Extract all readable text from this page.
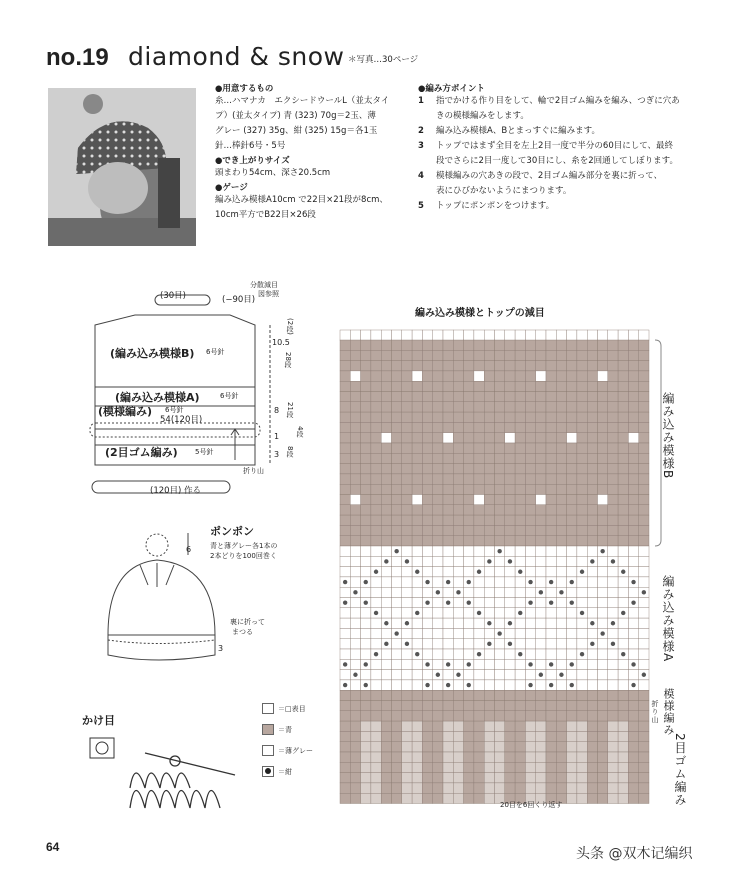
no.19 diamond & snow ＊写真…30ページ
●用意するもの
糸…ハマナカ　エクシードウールL（並太タイ
プ）(並太タイプ) 青 (323) 70g＝2玉、薄
グレー (327) 35g、紺 (325) 15g＝各1玉
針…棒針6号・5号
●でき上がりサイズ
頭まわり54cm、深さ20.5cm
●ゲージ
編み込み模様A10cm で22目×21段が8cm、
10cm平方でB22目×26段
●編み方ポイント
1	指でかける作り目をして、輪で2目ゴム編みを編み、つぎに穴あ
きの模様編みをします。
2	編み込み模様A、Bとまっすぐに編みます。
3	トップではまず全目を左上2目一度で半分の60目にして、最終
段でさらに2目一度して30目にし、糸を2回通してしぼります。
4	模様編みの穴あきの段で、2目ゴム編み部分を裏に折って、
表にひびかないようにまつります。
5	トップにポンポンをつけます。
(30目)	(−90目)
分散減目
図参照
(編み込み模様B) 6号針
(編み込み模様A)	6号針
(模様編み) 6号針
54(120目)
(2目ゴム編み) 5号針
(120目) 作る
折り山
10.5
(2段)
28段
8 21段
1 4段
3 8段
ポンポン
青と薄グレー各1本の
2本どりを100回巻く
6
裏に折って
まつる
3
かけ目
＝□表目
＝青
＝薄グレー
＝紺
編み込み模様とトップの減目
編み込み模様B
編み込み模様A
模様編み
2目ゴム編み
折り山
20目を6回くり返す
64	头条 @双木记编织
